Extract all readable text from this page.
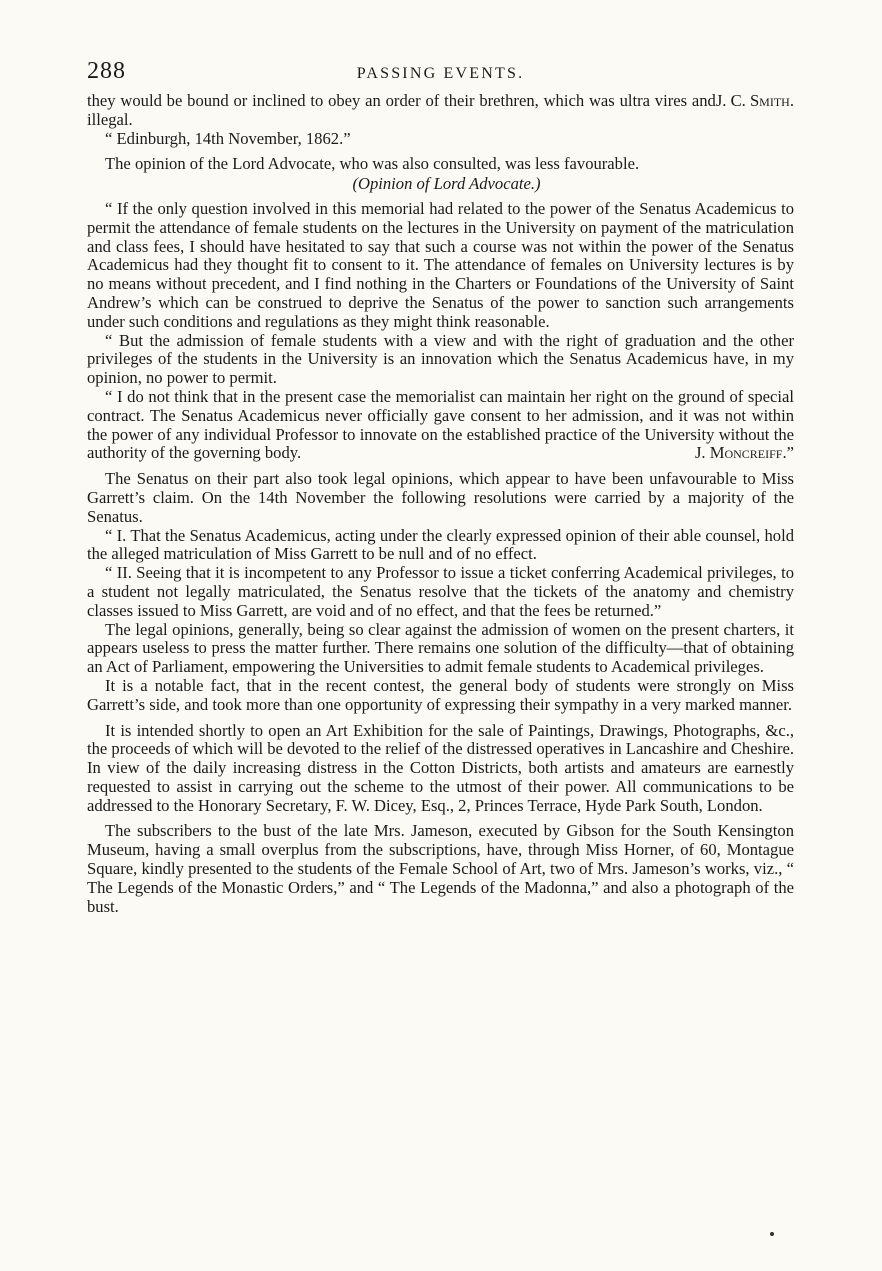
288	PASSING EVENTS.

J. C. Smith.
they would be bound or inclined to obey an order of their brethren, which was ultra vires and illegal.

“ Edinburgh, 14th November, 1862.”

The opinion of the Lord Advocate, who was also consulted, was less favourable.

(Opinion of Lord Advocate.)

“ If the only question involved in this memorial had related to the power of the Senatus Academicus to permit the attendance of female students on the lectures in the University on payment of the matriculation and class fees, I should have hesitated to say that such a course was not within the power of the Senatus Academicus had they thought fit to consent to it. The attendance of females on University lectures is by no means without precedent, and I find nothing in the Charters or Foundations of the University of Saint Andrew’s which can be construed to deprive the Senatus of the power to sanction such arrangements under such conditions and regulations as they might think reasonable.

“ But the admission of female students with a view and with the right of graduation and the other privileges of the students in the University is an innovation which the Senatus Academicus have, in my opinion, no power to permit.

“ I do not think that in the present case the memorialist can maintain her right on the ground of special contract. The Senatus Academicus never officially gave consent to her admission, and it was not within the power of any individual Professor to innovate on the established practice of the University without the authority of the governing body.	J. Moncreiff.”

The Senatus on their part also took legal opinions, which appear to have been unfavourable to Miss Garrett’s claim. On the 14th November the following resolutions were carried by a majority of the Senatus.

“ I. That the Senatus Academicus, acting under the clearly expressed opinion of their able counsel, hold the alleged matriculation of Miss Garrett to be null and of no effect.

“ II. Seeing that it is incompetent to any Professor to issue a ticket conferring Academical privileges, to a student not legally matriculated, the Senatus resolve that the tickets of the anatomy and chemistry classes issued to Miss Garrett, are void and of no effect, and that the fees be returned.”

The legal opinions, generally, being so clear against the admission of women on the present charters, it appears useless to press the matter further. There remains one solution of the difficulty—that of obtaining an Act of Parliament, empowering the Universities to admit female students to Academical privileges.

It is a notable fact, that in the recent contest, the general body of students were strongly on Miss Garrett’s side, and took more than one opportunity of expressing their sympathy in a very marked manner.

It is intended shortly to open an Art Exhibition for the sale of Paintings, Drawings, Photographs, &c., the proceeds of which will be devoted to the relief of the distressed operatives in Lancashire and Cheshire. In view of the daily increasing distress in the Cotton Districts, both artists and amateurs are earnestly requested to assist in carrying out the scheme to the utmost of their power. All communications to be addressed to the Honorary Secretary, F. W. Dicey, Esq., 2, Princes Terrace, Hyde Park South, London.

The subscribers to the bust of the late Mrs. Jameson, executed by Gibson for the South Kensington Museum, having a small overplus from the subscriptions, have, through Miss Horner, of 60, Montague Square, kindly presented to the students of the Female School of Art, two of Mrs. Jameson’s works, viz., “ The Legends of the Monastic Orders,” and “ The Legends of the Madonna,” and also a photograph of the bust.
